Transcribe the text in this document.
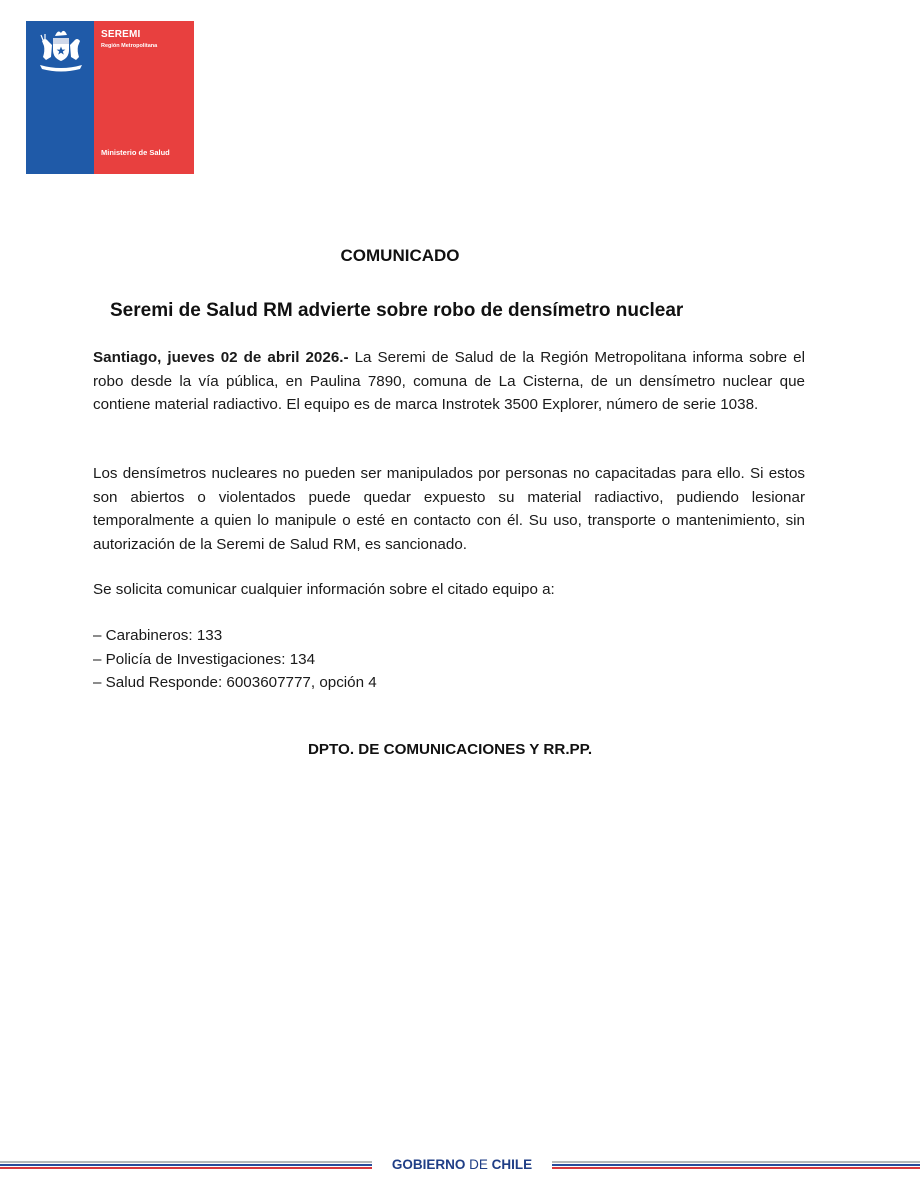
SEREMI
Región Metropolitana
Ministerio de Salud
COMUNICADO
Seremi de Salud RM advierte sobre robo de densímetro nuclear

Santiago, jueves 02 de abril 2026.- La Seremi de Salud de la Región Metropolitana informa sobre el robo desde la vía pública, en Paulina 7890, comuna de La Cisterna, de un densímetro nuclear que contiene material radiactivo. El equipo es de marca Instrotek 3500 Explorer, número de serie 1038.

Los densímetros nucleares no pueden ser manipulados por personas no capacitadas para ello. Si estos son abiertos o violentados puede quedar expuesto su material radiactivo, pudiendo lesionar temporalmente a quien lo manipule o esté en contacto con él. Su uso, transporte o mantenimiento, sin autorización de la Seremi de Salud RM, es sancionado.

Se solicita comunicar cualquier información sobre el citado equipo a:

– Carabineros: 133
– Policía de Investigaciones: 134
– Salud Responde: 6003607777, opción 4
DPTO. DE COMUNICACIONES Y RR.PP.
GOBIERNO DE CHILE
